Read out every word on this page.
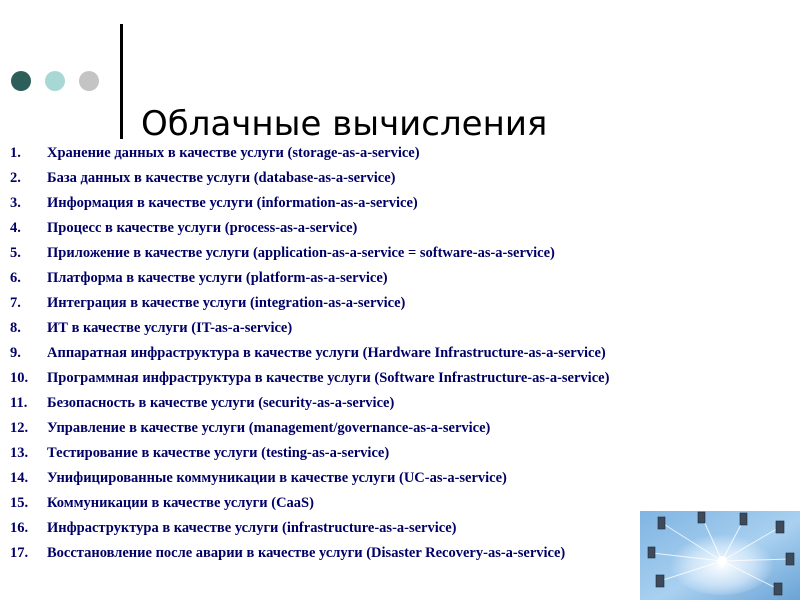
Облачные вычисления
1.	Хранение данных в качестве услуги (storage-as-a-service)
2.	База данных в качестве услуги (database-as-a-service)
3.	Информация в качестве услуги (information-as-a-service)
4.	Процесс в качестве услуги (process-as-a-service)
5.	Приложение в качестве услуги (application-as-a-service = software-as-a-service)
6.	Платформа в качестве услуги (platform-as-a-service)
7.	Интеграция в качестве услуги (integration-as-a-service)
8.	ИТ в качестве услуги (IT-as-a-service)
9.	Аппаратная инфраструктура в качестве услуги (Hardware Infrastructure-as-a-service)
10.	Программная инфраструктура в качестве услуги (Software Infrastructure-as-a-service)
11.	Безопасность в качестве услуги (security-as-a-service)
12.	Управление в качестве услуги (management/governance-as-a-service)
13.	Тестирование в качестве услуги (testing-as-a-service)
14.	Унифицированные коммуникации в качестве услуги (UC-as-a-service)
15.	Коммуникации в качестве услуги (CaaS)
16.	Инфраструктура в качестве услуги (infrastructure-as-a-service)
17.	Восстановление после аварии в качестве услуги (Disaster Recovery-as-a-service)
